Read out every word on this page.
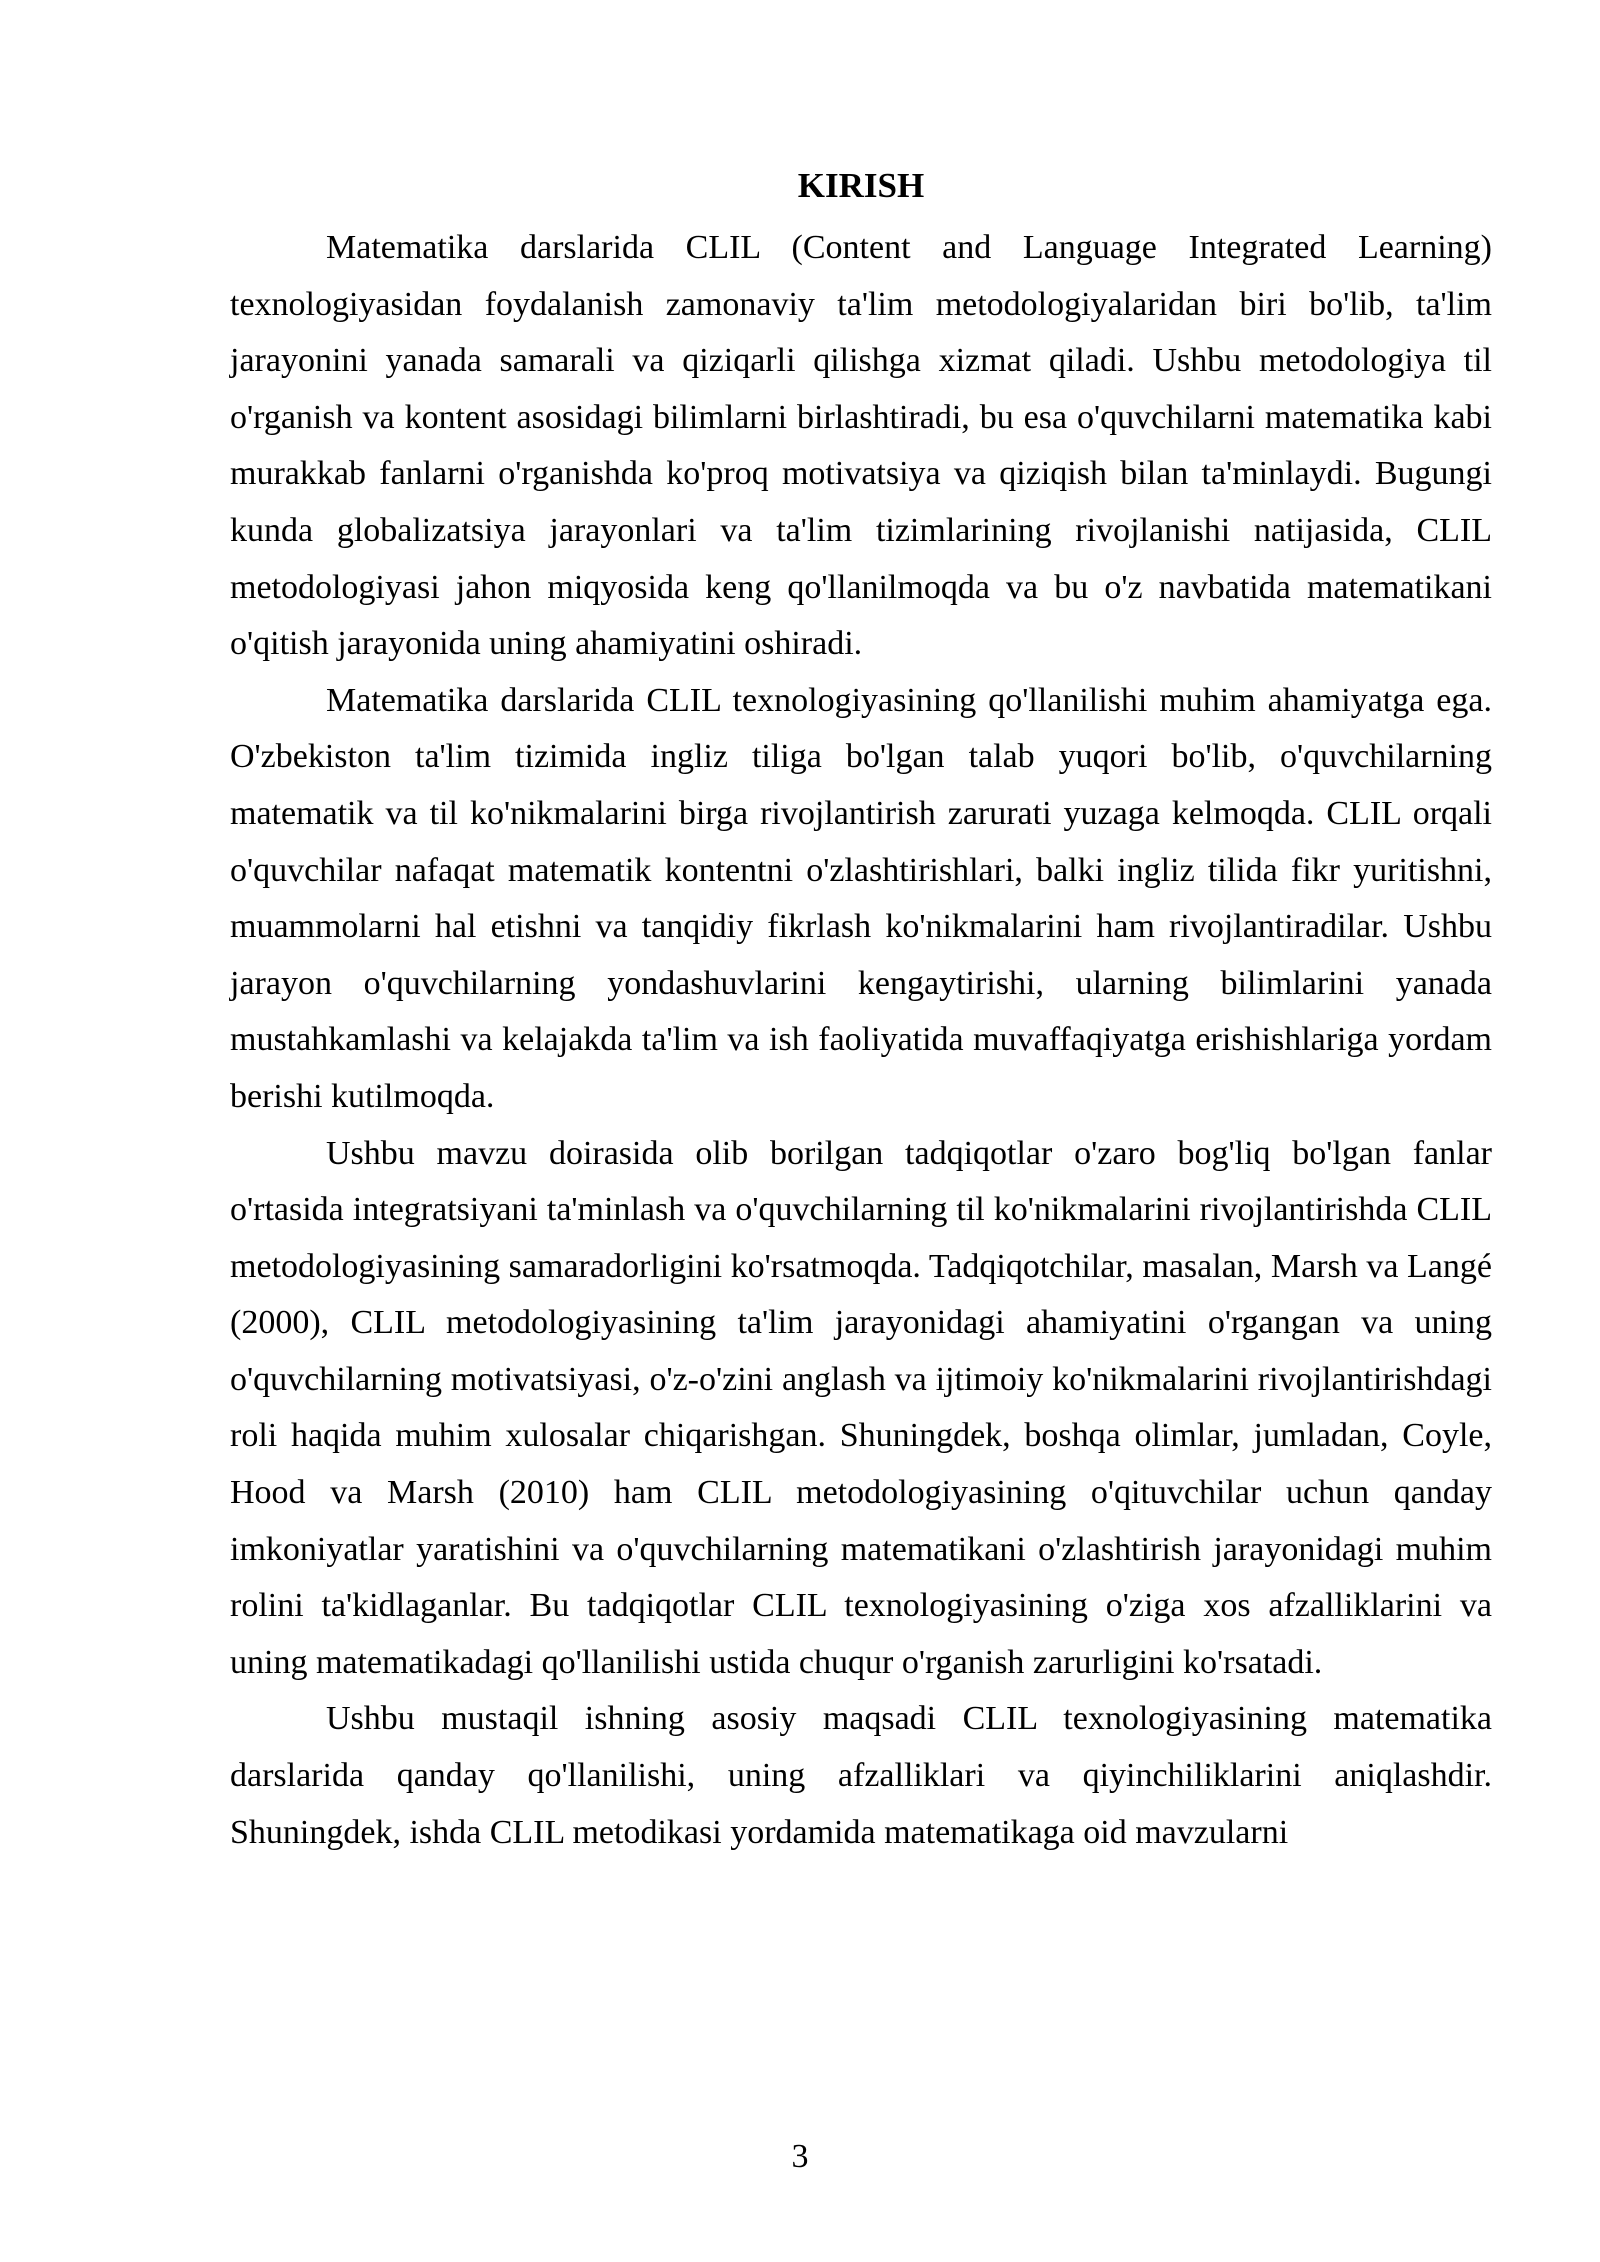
KIRISH

Matematika darslarida CLIL (Content and Language Integrated Learning) texnologiyasidan foydalanish zamonaviy ta'lim metodologiyalaridan biri bo'lib, ta'lim jarayonini yanada samarali va qiziqarli qilishga xizmat qiladi. Ushbu metodologiya til o'rganish va kontent asosidagi bilimlarni birlashtiradi, bu esa o'quvchilarni matematika kabi murakkab fanlarni o'rganishda ko'proq motivatsiya va qiziqish bilan ta'minlaydi. Bugungi kunda globalizatsiya jarayonlari va ta'lim tizimlarining rivojlanishi natijasida, CLIL metodologiyasi jahon miqyosida keng qo'llanilmoqda va bu o'z navbatida matematikani o'qitish jarayonida uning ahamiyatini oshiradi.

Matematika darslarida CLIL texnologiyasining qo'llanilishi muhim ahamiyatga ega. O'zbekiston ta'lim tizimida ingliz tiliga bo'lgan talab yuqori bo'lib, o'quvchilarning matematik va til ko'nikmalarini birga rivojlantirish zarurati yuzaga kelmoqda. CLIL orqali o'quvchilar nafaqat matematik kontentni o'zlashtirishlari, balki ingliz tilida fikr yuritishni, muammolarni hal etishni va tanqidiy fikrlash ko'nikmalarini ham rivojlantiradilar. Ushbu jarayon o'quvchilarning yondashuvlarini kengaytirishi, ularning bilimlarini yanada mustahkamlashi va kelajakda ta'lim va ish faoliyatida muvaffaqiyatga erishishlariga yordam berishi kutilmoqda.

Ushbu mavzu doirasida olib borilgan tadqiqotlar o'zaro bog'liq bo'lgan fanlar o'rtasida integratsiyani ta'minlash va o'quvchilarning til ko'nikmalarini rivojlantirishda CLIL metodologiyasining samaradorligini ko'rsatmoqda. Tadqiqotchilar, masalan, Marsh va Langé (2000), CLIL metodologiyasining ta'lim jarayonidagi ahamiyatini o'rgangan va uning o'quvchilarning motivatsiyasi, o'z-o'zini anglash va ijtimoiy ko'nikmalarini rivojlantirishdagi roli haqida muhim xulosalar chiqarishgan. Shuningdek, boshqa olimlar, jumladan, Coyle, Hood va Marsh (2010) ham CLIL metodologiyasining o'qituvchilar uchun qanday imkoniyatlar yaratishini va o'quvchilarning matematikani o'zlashtirish jarayonidagi muhim rolini ta'kidlaganlar. Bu tadqiqotlar CLIL texnologiyasining o'ziga xos afzalliklarini va uning matematikadagi qo'llanilishi ustida chuqur o'rganish zarurligini ko'rsatadi.

Ushbu mustaqil ishning asosiy maqsadi CLIL texnologiyasining matematika darslarida qanday qo'llanilishi, uning afzalliklari va qiyinchiliklarini aniqlashdir. Shuningdek, ishda CLIL metodikasi yordamida matematikaga oid mavzularni

3
